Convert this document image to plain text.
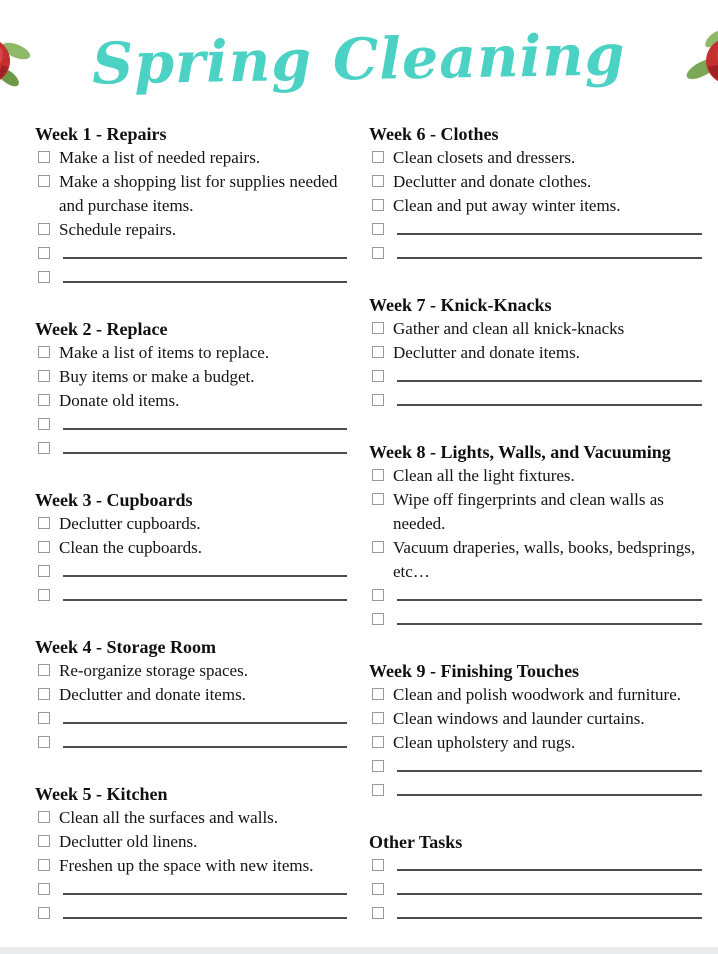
Spring Cleaning
Week 1 - Repairs
Make a list of needed repairs.
Make a shopping list for supplies needed and purchase items.
Schedule repairs.
Week 2 - Replace
Make a list of items to replace.
Buy items or make a budget.
Donate old items.
Week 3 - Cupboards
Declutter cupboards.
Clean the cupboards.
Week 4 - Storage Room
Re-organize storage spaces.
Declutter and donate items.
Week 5 - Kitchen
Clean all the surfaces and walls.
Declutter old linens.
Freshen up the space with new items.
Week 6 - Clothes
Clean closets and dressers.
Declutter and donate clothes.
Clean and put away winter items.
Week 7 - Knick-Knacks
Gather and clean all knick-knacks
Declutter and donate items.
Week 8 - Lights, Walls, and Vacuuming
Clean all the light fixtures.
Wipe off fingerprints and clean walls as needed.
Vacuum draperies, walls, books, bedsprings, etc…
Week 9 - Finishing Touches
Clean and polish woodwork and furniture.
Clean windows and launder curtains.
Clean upholstery and rugs.
Other Tasks
